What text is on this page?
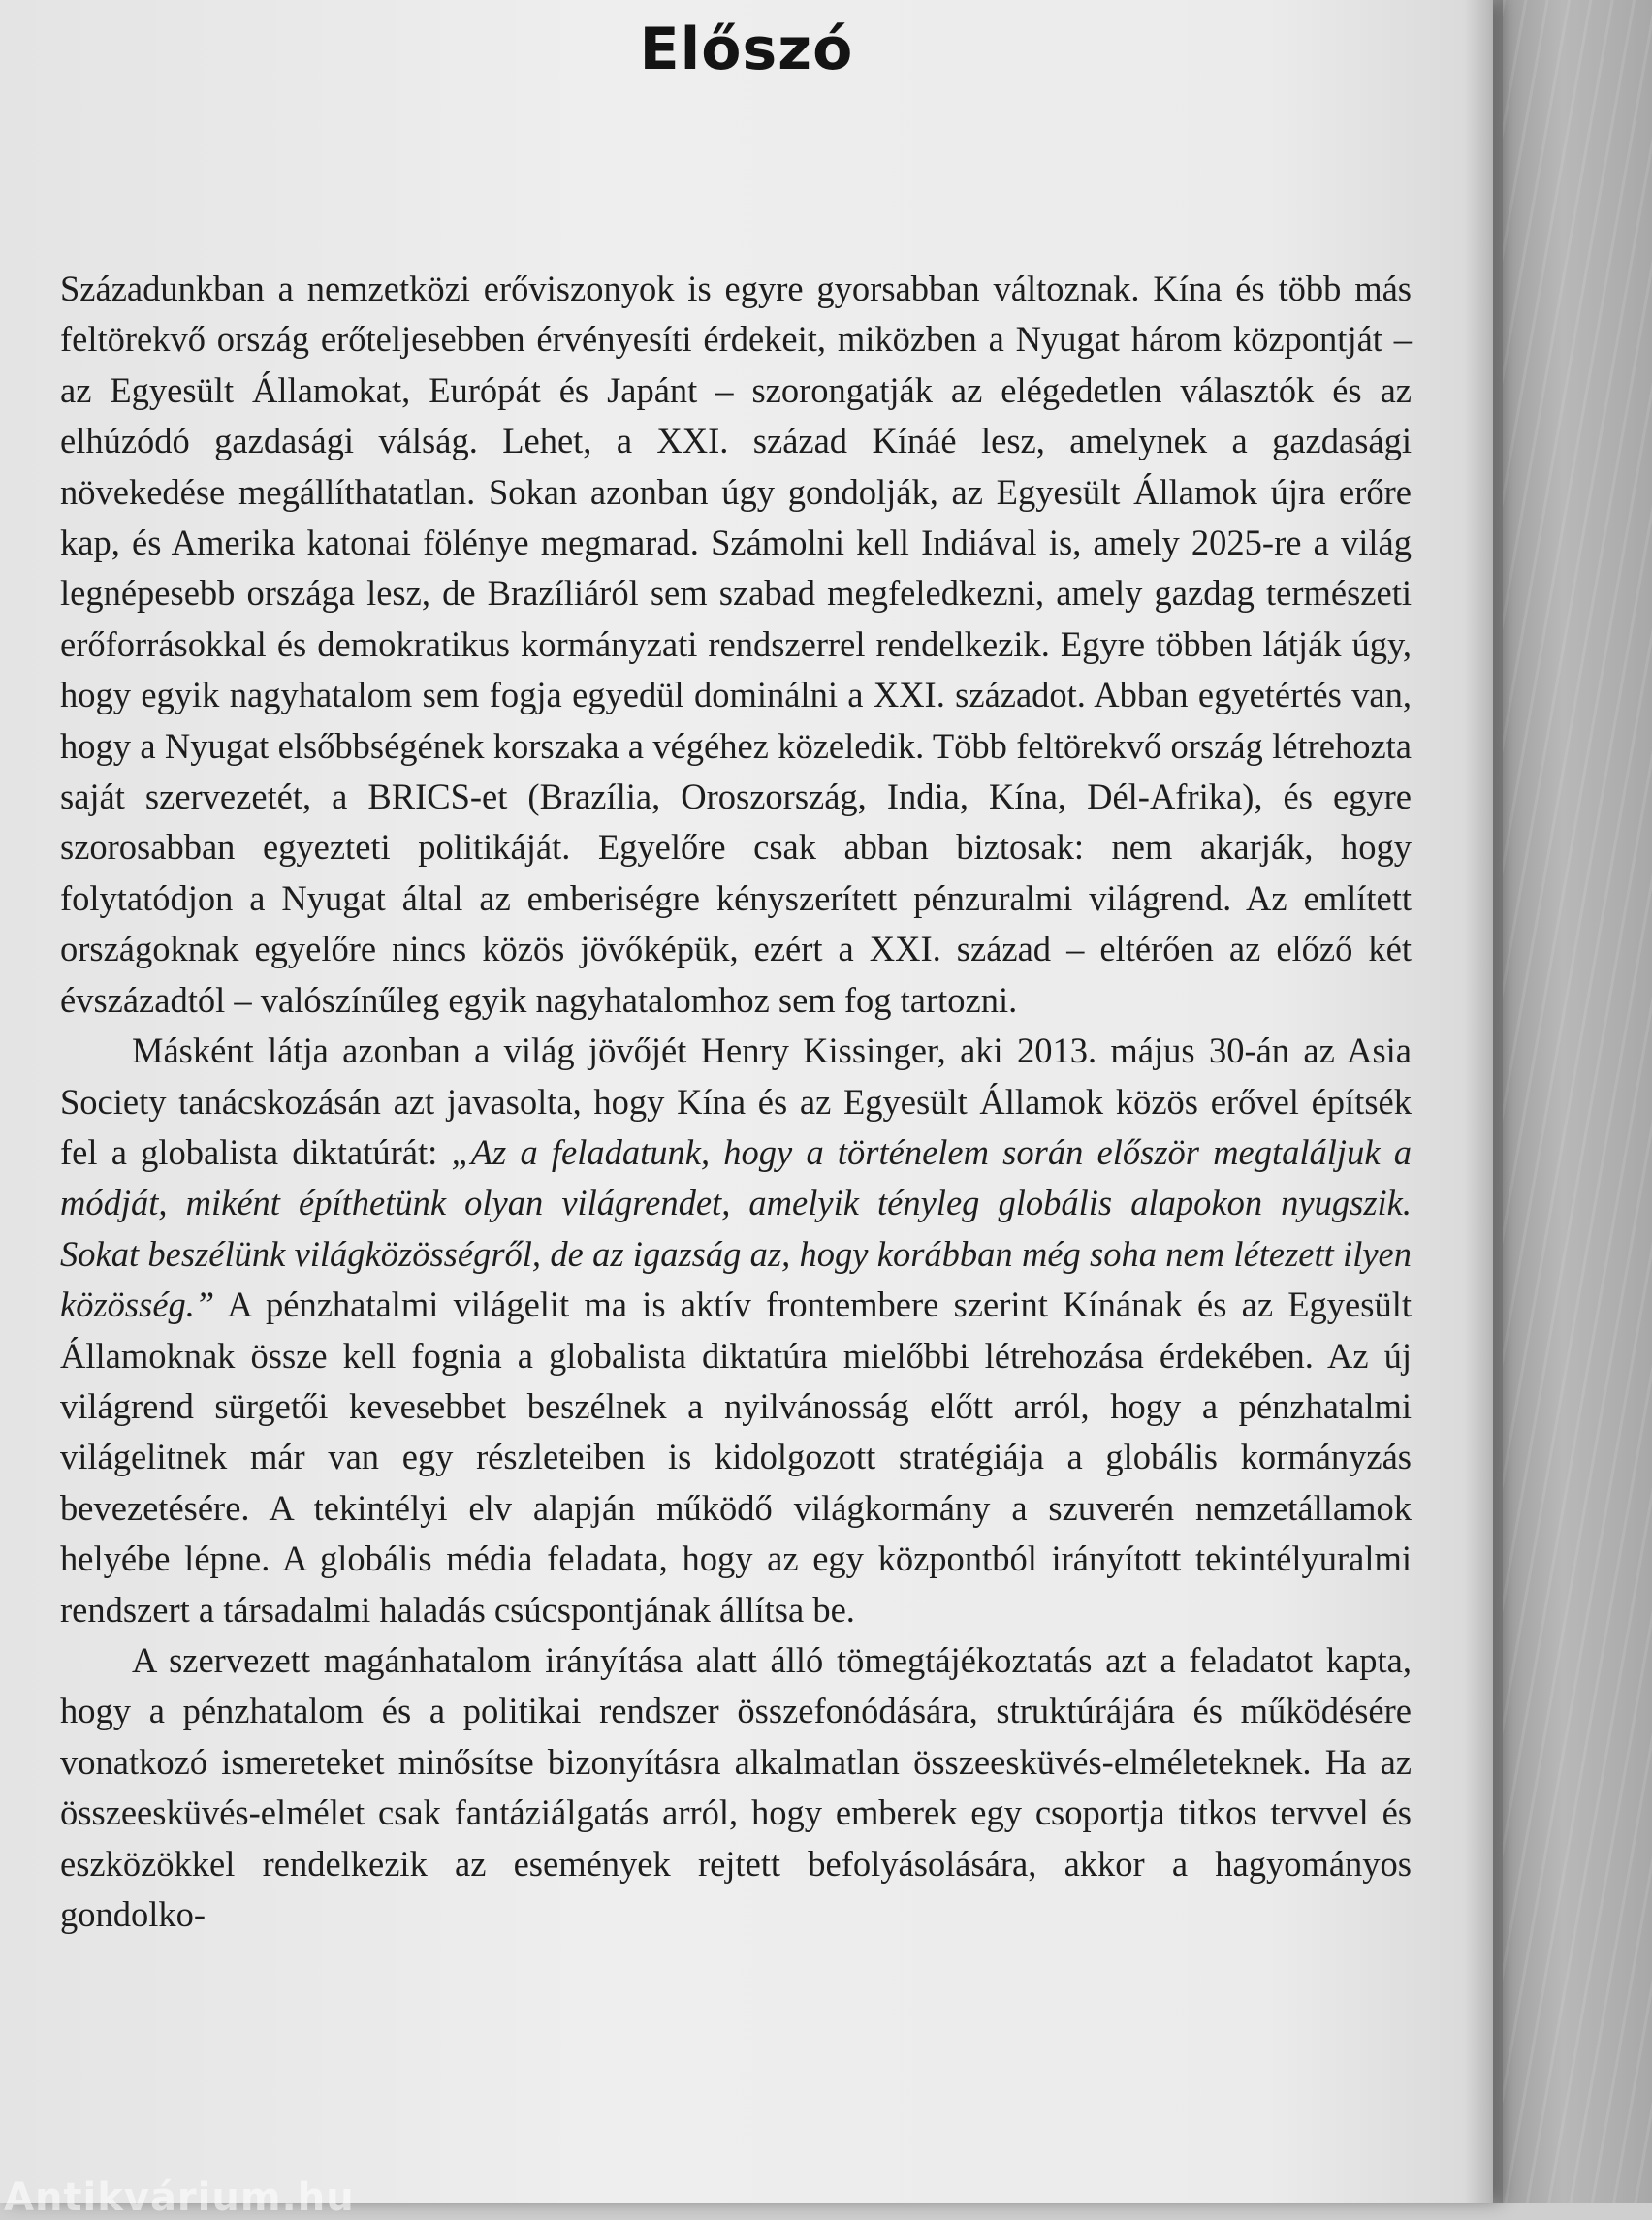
Előszó

Századunkban a nemzetközi erőviszonyok is egyre gyorsabban változnak. Kína és több más feltörekvő ország erőteljesebben érvényesíti érdekeit, miközben a Nyugat három központját – az Egyesült Államokat, Európát és Japánt – szorongatják az elégedetlen választók és az elhúzódó gazdasági válság. Lehet, a XXI. század Kínáé lesz, amelynek a gazdasági növekedése megállíthatatlan. Sokan azonban úgy gondolják, az Egyesült Államok újra erőre kap, és Amerika katonai fölénye megmarad. Számolni kell Indiával is, amely 2025-re a világ legnépesebb országa lesz, de Brazíliáról sem szabad megfeledkezni, amely gazdag természeti erőforrásokkal és demokratikus kormányzati rendszerrel rendelkezik. Egyre többen látják úgy, hogy egyik nagyhatalom sem fogja egyedül dominálni a XXI. századot. Abban egyetértés van, hogy a Nyugat elsőbbségének korszaka a végéhez közeledik. Több feltörekvő ország létrehozta saját szervezetét, a BRICS-et (Brazília, Oroszország, India, Kína, Dél-Afrika), és egyre szorosabban egyezteti politikáját. Egyelőre csak abban biztosak: nem akarják, hogy folytatódjon a Nyugat által az emberiségre kényszerített pénzuralmi világrend. Az említett országoknak egyelőre nincs közös jövőképük, ezért a XXI. század – eltérően az előző két évszázadtól – valószínűleg egyik nagyhatalomhoz sem fog tartozni.

Másként látja azonban a világ jövőjét Henry Kissinger, aki 2013. május 30-án az Asia Society tanácskozásán azt javasolta, hogy Kína és az Egyesült Államok közös erővel építsék fel a globalista diktatúrát: „Az a feladatunk, hogy a történelem során először megtaláljuk a módját, miként építhetünk olyan világrendet, amelyik tényleg globális alapokon nyugszik. Sokat beszélünk világközösségről, de az igazság az, hogy korábban még soha nem létezett ilyen közösség.” A pénzhatalmi világelit ma is aktív frontembere szerint Kínának és az Egyesült Államoknak össze kell fognia a globalista diktatúra mielőbbi létrehozása érdekében. Az új világrend sürgetői kevesebbet beszélnek a nyilvánosság előtt arról, hogy a pénzhatalmi világelitnek már van egy részleteiben is kidolgozott stratégiája a globális kormányzás bevezetésére. A tekintélyi elv alapján működő világkormány a szuverén nemzetállamok helyébe lépne. A globális média feladata, hogy az egy központból irányított tekintélyuralmi rendszert a társadalmi haladás csúcspontjának állítsa be.

A szervezett magánhatalom irányítása alatt álló tömegtájékoztatás azt a feladatot kapta, hogy a pénzhatalom és a politikai rendszer összefonódására, struktúrájára és működésére vonatkozó ismereteket minősítse bizonyításra alkalmatlan összeesküvés-elméleteknek. Ha az összeesküvés-elmélet csak fantáziálgatás arról, hogy emberek egy csoportja titkos tervvel és eszközökkel rendelkezik az események rejtett befolyásolására, akkor a hagyományos gondolko-

Antikvárium.hu
